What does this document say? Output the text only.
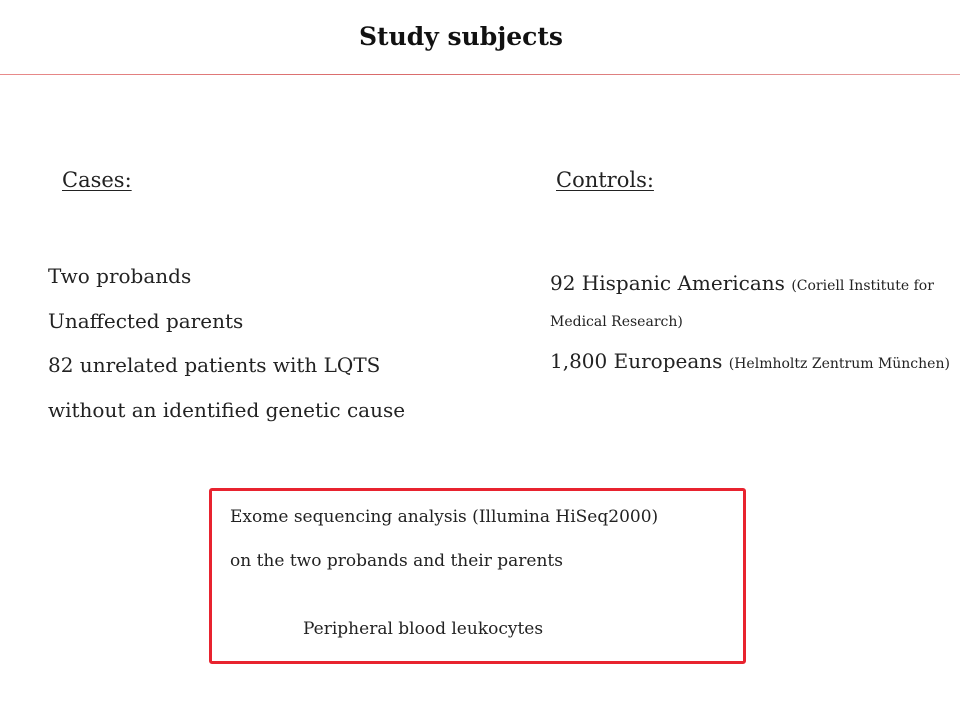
Study subjects
Cases:	Controls:
Two probands
Unaffected parents
82 unrelated patients with LQTS
without an identified genetic cause
92 Hispanic Americans (Coriell Institute for Medical Research)
1,800 Europeans (Helmholtz Zentrum München)
Exome sequencing analysis (Illumina HiSeq2000)
on the two probands and their parents
Peripheral blood leukocytes
